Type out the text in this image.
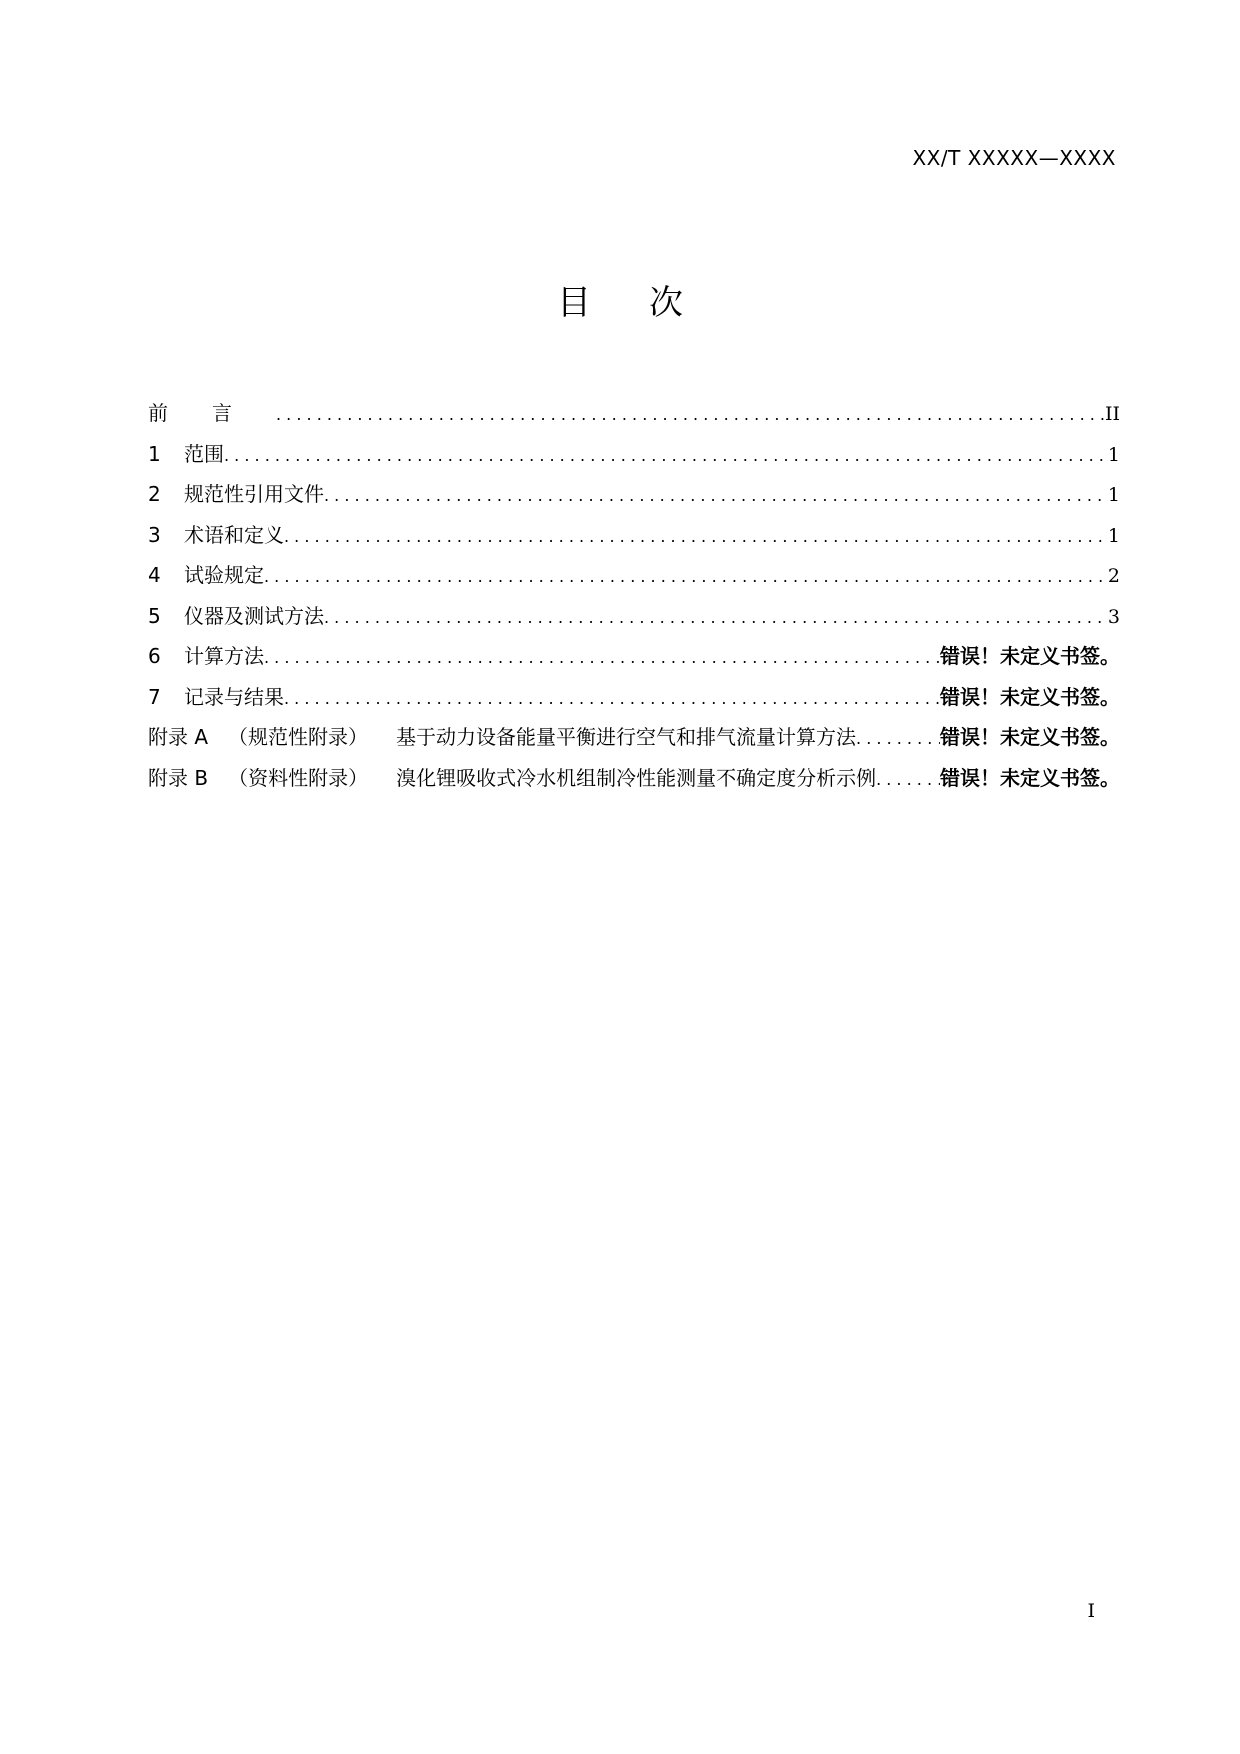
XX/T XXXXX—XXXX
目 次
前言 . . .	II
1	范围 . . .	1
2	规范性引用文件 . . .	1
3	术语和定义 . . .	1
4	试验规定 . . .	2
5	仪器及测试方法 . . .	3
6	计算方法 . . .	错误！未定义书签。
7	记录与结果 . . .	错误！未定义书签。
附录 A （规范性附录） 基于动力设备能量平衡进行空气和排气流量计算方法 . . .	错误！未定义书签。
附录 B （资料性附录） 溴化锂吸收式冷水机组制冷性能测量不确定度分析示例 . . .	错误！未定义书签。
I
